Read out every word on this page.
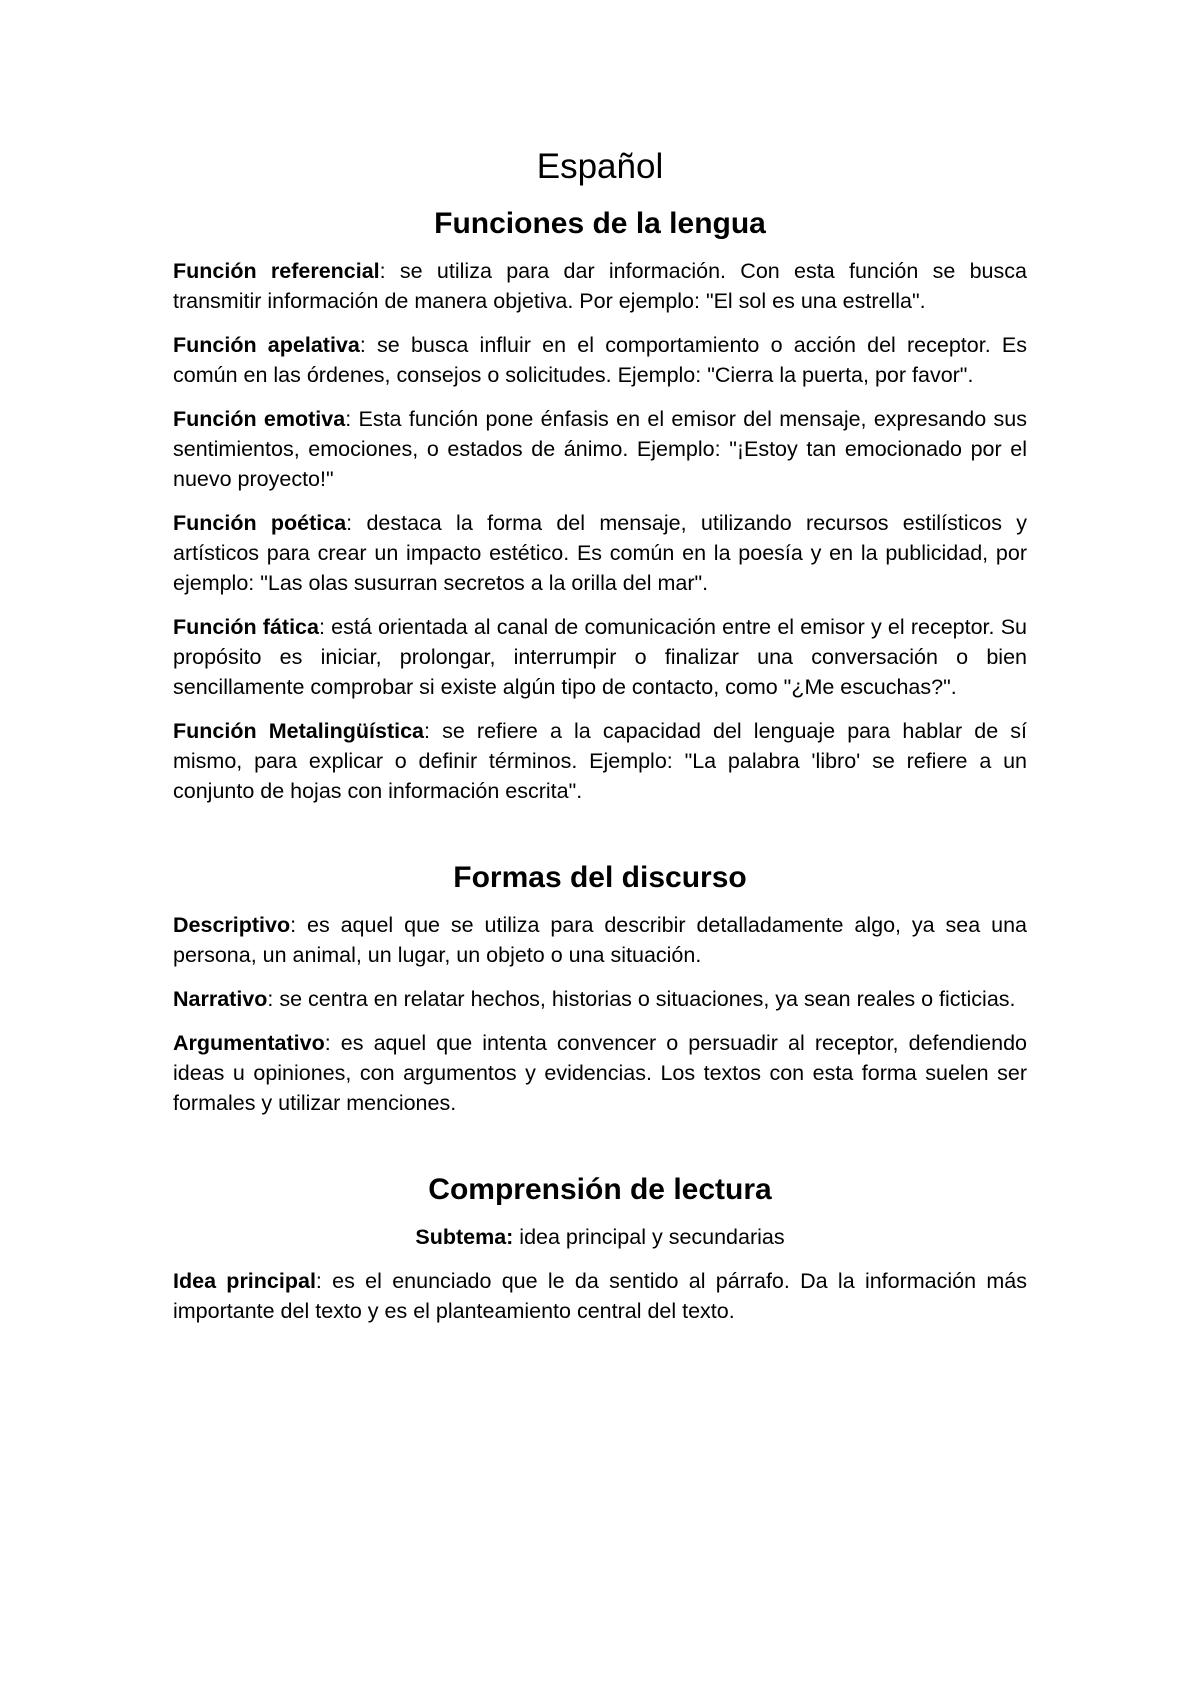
Español
Funciones de la lengua

Función referencial: se utiliza para dar información. Con esta función se busca transmitir información de manera objetiva. Por ejemplo: "El sol es una estrella".

Función apelativa: se busca influir en el comportamiento o acción del receptor. Es común en las órdenes, consejos o solicitudes. Ejemplo: "Cierra la puerta, por favor".

Función emotiva: Esta función pone énfasis en el emisor del mensaje, expresando sus sentimientos, emociones, o estados de ánimo. Ejemplo: "¡Estoy tan emocionado por el nuevo proyecto!"

Función poética: destaca la forma del mensaje, utilizando recursos estilísticos y artísticos para crear un impacto estético. Es común en la poesía y en la publicidad, por ejemplo: "Las olas susurran secretos a la orilla del mar".

Función fática: está orientada al canal de comunicación entre el emisor y el receptor. Su propósito es iniciar, prolongar, interrumpir o finalizar una conversación o bien sencillamente comprobar si existe algún tipo de contacto, como "¿Me escuchas?".

Función Metalingüística: se refiere a la capacidad del lenguaje para hablar de sí mismo, para explicar o definir términos. Ejemplo: "La palabra 'libro' se refiere a un conjunto de hojas con información escrita".

Formas del discurso

Descriptivo: es aquel que se utiliza para describir detalladamente algo, ya sea una persona, un animal, un lugar, un objeto o una situación.

Narrativo: se centra en relatar hechos, historias o situaciones, ya sean reales o ficticias.

Argumentativo: es aquel que intenta convencer o persuadir al receptor, defendiendo ideas u opiniones, con argumentos y evidencias. Los textos con esta forma suelen ser formales y utilizar menciones.

Comprensión de lectura

Subtema: idea principal y secundarias

Idea principal: es el enunciado que le da sentido al párrafo. Da la información más importante del texto y es el planteamiento central del texto.
